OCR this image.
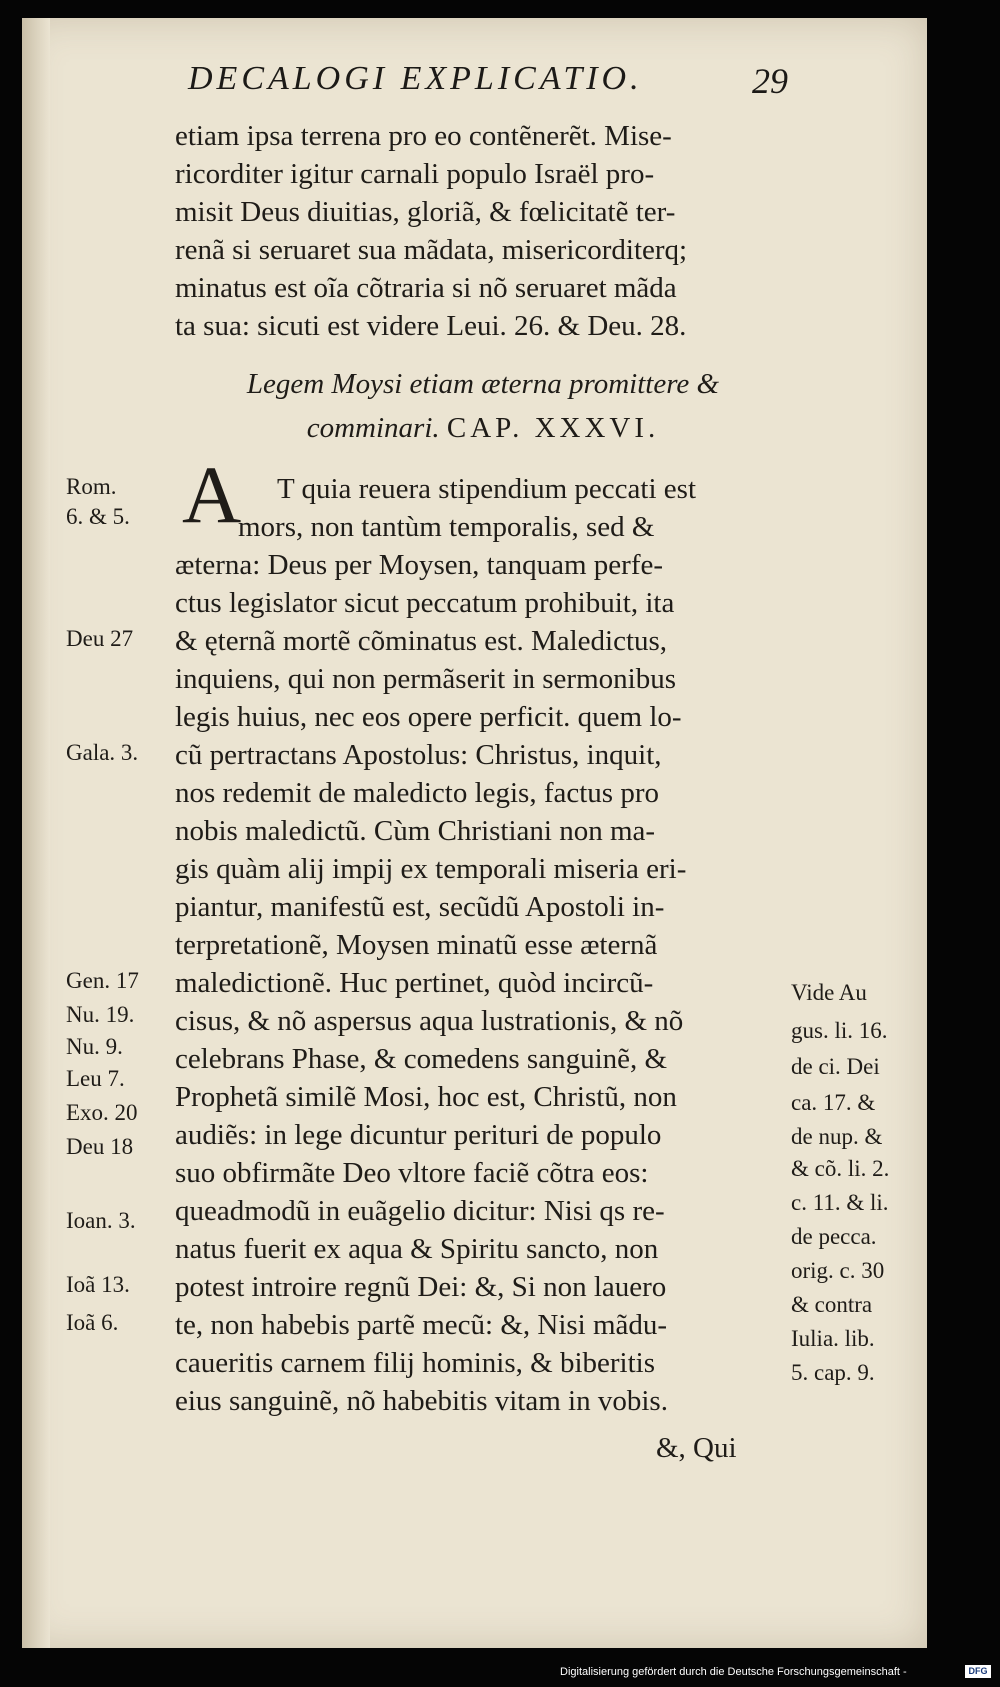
DECALOGI EXPLICATIO.	29
etiam ipsa terrena pro eo contẽnerẽt. Mise-
ricorditer igitur carnali populo Israël pro-
misit Deus diuitias, gloriã, & fœlicitatẽ ter-
renã si seruaret sua mãdata, misericorditerq;
minatus est oĩa cõtraria si nõ seruaret mãda
ta sua: sicuti est videre Leui. 26. & Deu. 28.
Legem Moysi etiam æterna promittere &
comminari. CAP. XXXVI.
A T quia reuera stipendium peccati est
mors, non tantùm temporalis, sed &
æterna: Deus per Moysen, tanquam perfe-
ctus legislator sicut peccatum prohibuit, ita
& ęternã mortẽ cõminatus est. Maledictus,
inquiens, qui non permãserit in sermonibus
legis huius, nec eos opere perficit. quem lo-
cũ pertractans Apostolus: Christus, inquit,
nos redemit de maledicto legis, factus pro
nobis maledictũ. Cùm Christiani non ma-
gis quàm alij impij ex temporali miseria eri-
piantur, manifestũ est, secũdũ Apostoli in-
terpretationẽ, Moysen minatũ esse æternã
maledictionẽ. Huc pertinet, quòd incircũ-
cisus, & nõ aspersus aqua lustrationis, & nõ
celebrans Phase, & comedens sanguinẽ, &
Prophetã similẽ Mosi, hoc est, Christũ, non
audiẽs: in lege dicuntur perituri de populo
suo obfirmãte Deo vltore faciẽ cõtra eos:
queadmodũ in euãgelio dicitur: Nisi qs re-
natus fuerit ex aqua & Spiritu sancto, non
potest introire regnũ Dei: &, Si non lauero
te, non habebis partẽ mecũ: &, Nisi mãdu-
caueritis carnem filij hominis, & biberitis
eius sanguinẽ, nõ habebitis vitam in vobis.
&, Qui
Rom.
6. & 5.
Deu 27
Gala. 3.
Gen. 17
Nu. 19.
Nu. 9.
Leu 7.
Exo. 20
Deu 18
Ioan. 3.
Ioã 13.
Ioã 6.
Vide Au
gus. li. 16.
de ci. Dei
ca. 17. &
de nup. &
& cõ. li. 2.
c. 11. & li.
de pecca.
orig. c. 30
& contra
Iulia. lib.
5. cap. 9.
Digitalisierung gefördert durch die Deutsche Forschungsgemeinschaft -	DFG
